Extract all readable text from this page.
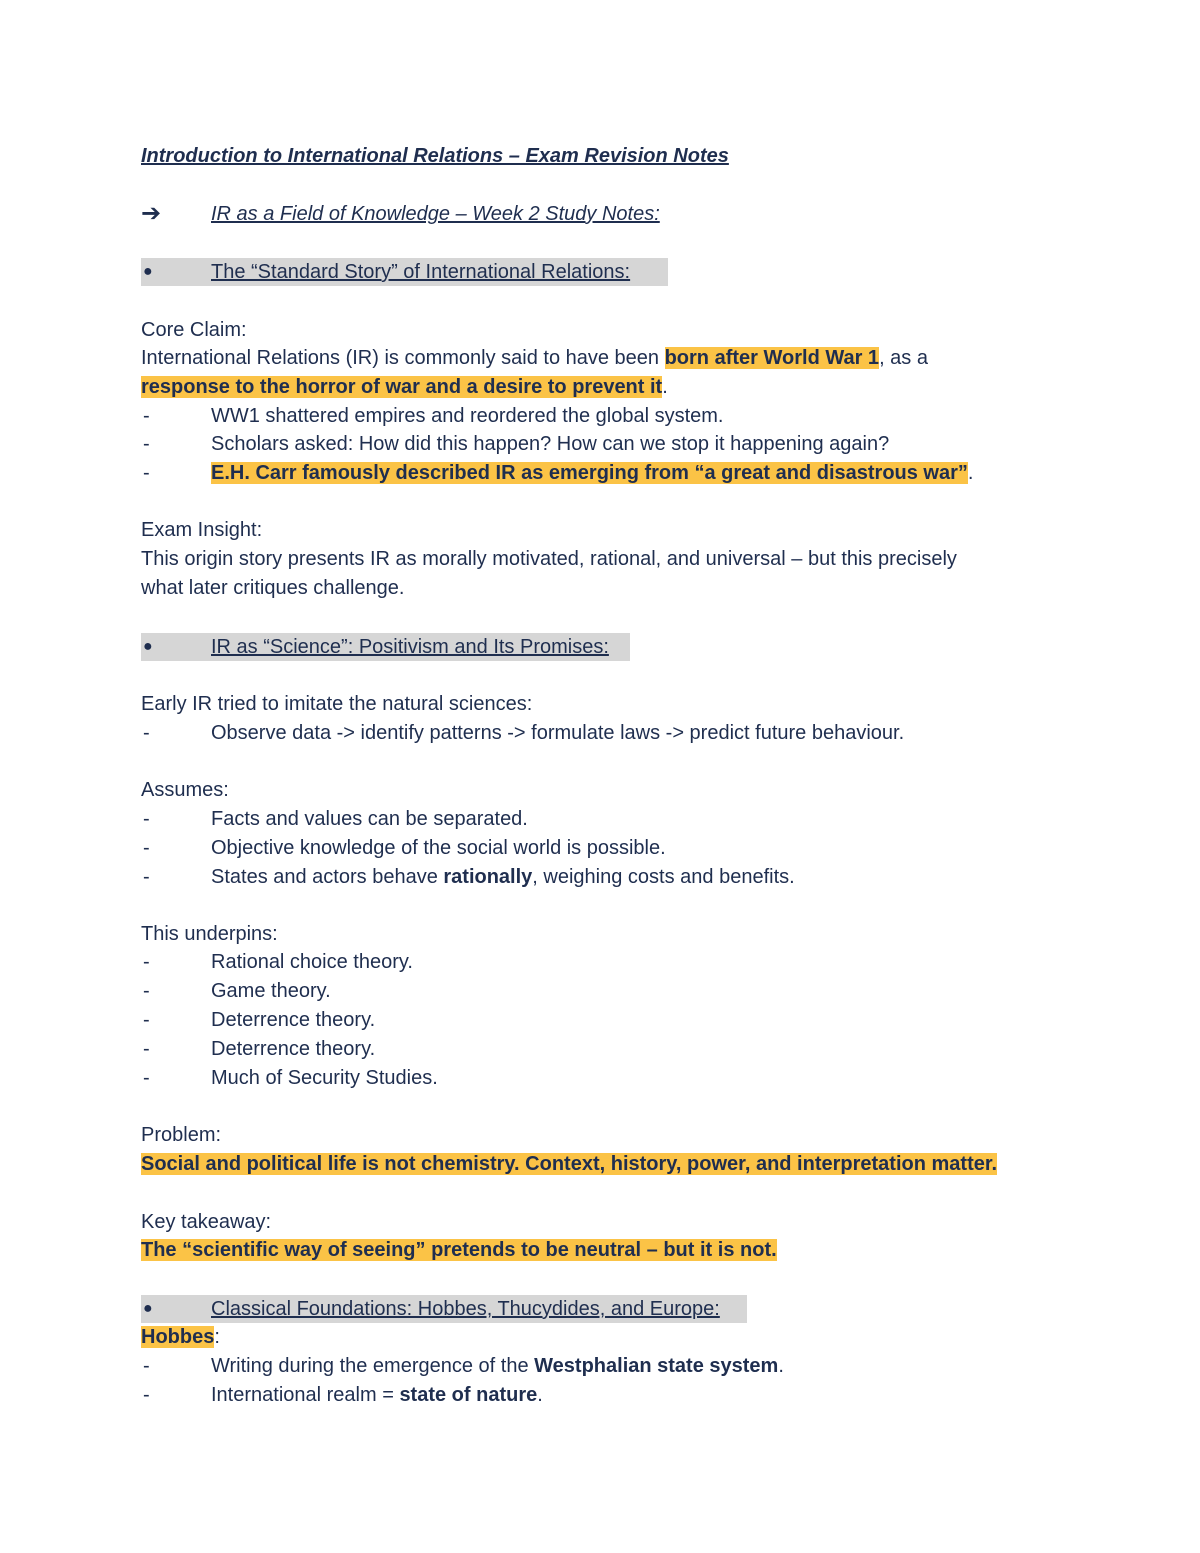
Introduction to International Relations – Exam Revision Notes
➔ IR as a Field of Knowledge – Week 2 Study Notes:
●	The “Standard Story” of International Relations:
Core Claim:
International Relations (IR) is commonly said to have been born after World War 1, as a
response to the horror of war and a desire to prevent it.
-	WW1 shattered empires and reordered the global system.
-	Scholars asked: How did this happen? How can we stop it happening again?
-	E.H. Carr famously described IR as emerging from “a great and disastrous war”.
Exam Insight:
This origin story presents IR as morally motivated, rational, and universal – but this precisely
what later critiques challenge.
●	IR as “Science”: Positivism and Its Promises:
Early IR tried to imitate the natural sciences:
-	Observe data -> identify patterns -> formulate laws -> predict future behaviour.
Assumes:
-	Facts and values can be separated.
-	Objective knowledge of the social world is possible.
-	States and actors behave rationally, weighing costs and benefits.
This underpins:
-	Rational choice theory.
-	Game theory.
-	Deterrence theory.
-	Deterrence theory.
-	Much of Security Studies.
Problem:
Social and political life is not chemistry. Context, history, power, and interpretation matter.
Key takeaway:
The “scientific way of seeing” pretends to be neutral – but it is not.
●	Classical Foundations: Hobbes, Thucydides, and Europe:
Hobbes:
-	Writing during the emergence of the Westphalian state system.
-	International realm = state of nature.
